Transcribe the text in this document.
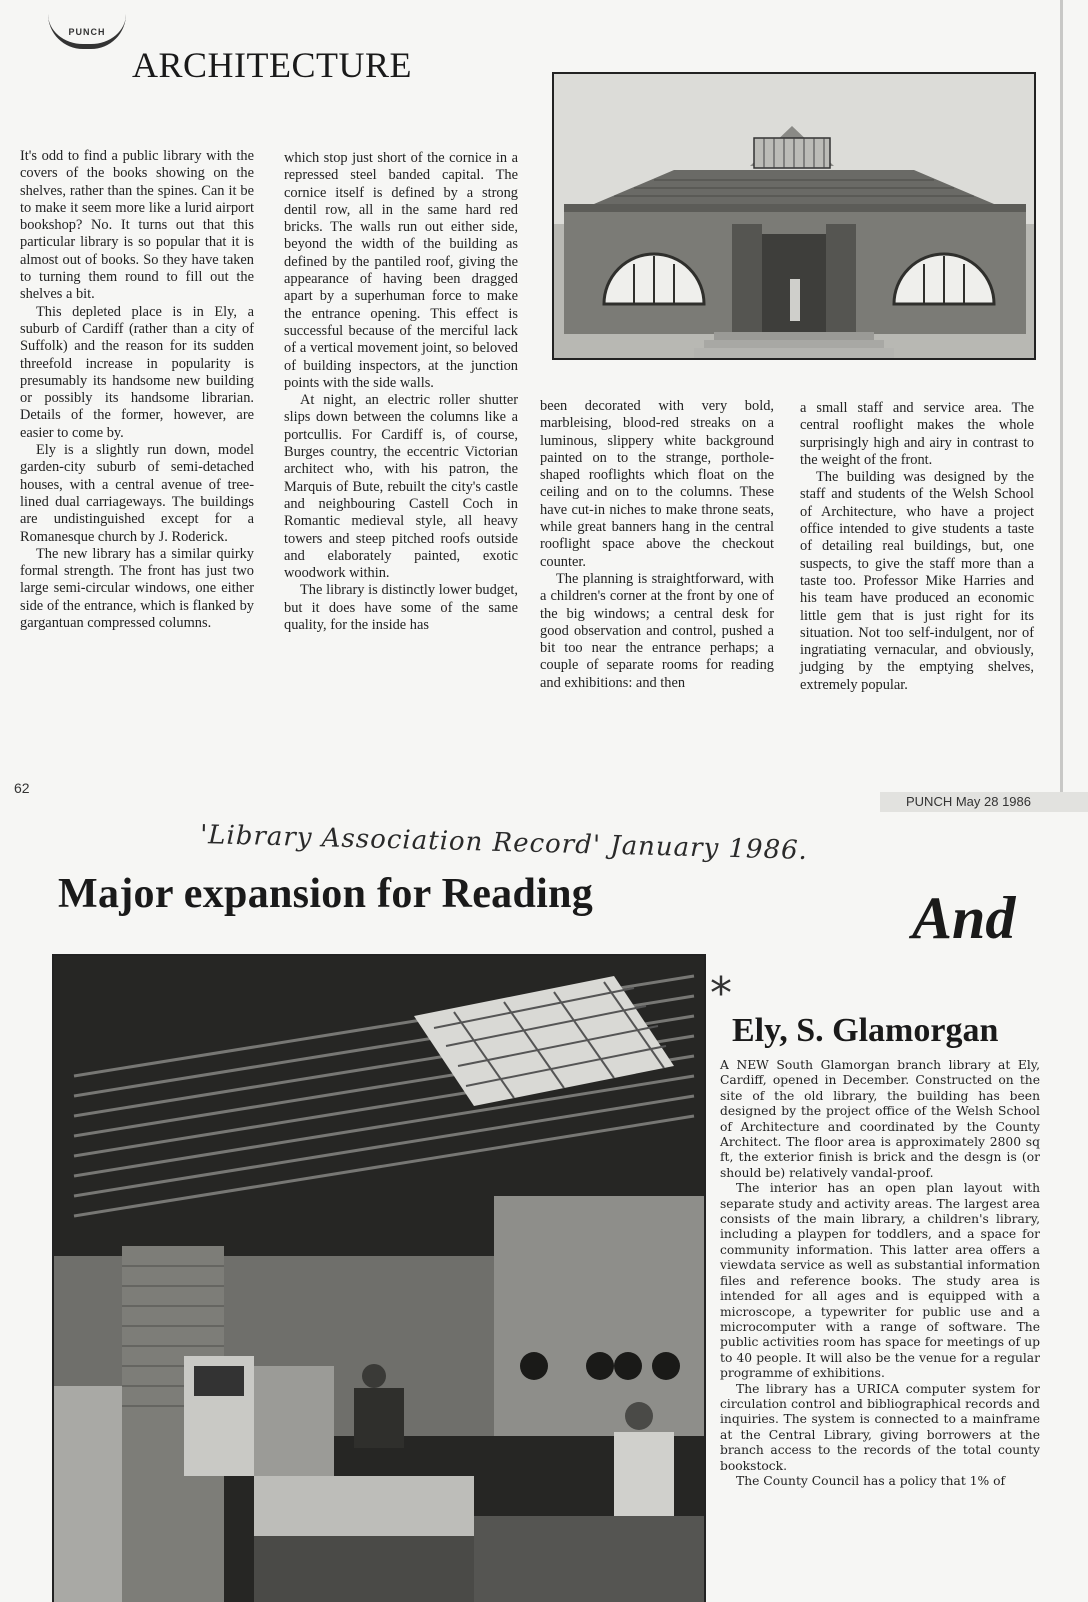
PUNCH
ARCHITECTURE

It's odd to find a public library with the covers of the books showing on the shelves, rather than the spines. Can it be to make it seem more like a lurid airport bookshop? No. It turns out that this particular library is so popular that it is almost out of books. So they have taken to turning them round to fill out the shelves a bit.

This depleted place is in Ely, a suburb of Cardiff (rather than a city of Suffolk) and the reason for its sudden threefold increase in popularity is presumably its handsome new building or possibly its handsome librarian. Details of the former, however, are easier to come by.

Ely is a slightly run down, model garden-city suburb of semi-detached houses, with a central avenue of tree-lined dual carriageways. The buildings are undistinguished except for a Romanesque church by J. Roderick.

The new library has a similar quirky formal strength. The front has just two large semi-circular windows, one either side of the entrance, which is flanked by gargantuan compressed columns.

which stop just short of the cornice in a repressed steel banded capital. The cornice itself is defined by a strong dentil row, all in the same hard red bricks. The walls run out either side, beyond the width of the building as defined by the pantiled roof, giving the appearance of having been dragged apart by a superhuman force to make the entrance opening. This effect is successful because of the merciful lack of a vertical movement joint, so beloved of building inspectors, at the junction points with the side walls.

At night, an electric roller shutter slips down between the columns like a portcullis. For Cardiff is, of course, Burges country, the eccentric Victorian architect who, with his patron, the Marquis of Bute, rebuilt the city's castle and neighbouring Castell Coch in Romantic medieval style, all heavy towers and steep pitched roofs outside and elaborately painted, exotic woodwork within.

The library is distinctly lower budget, but it does have some of the same quality, for the inside has

been decorated with very bold, marbleising, blood-red streaks on a luminous, slippery white background painted on to the strange, porthole-shaped rooflights which float on the ceiling and on to the columns. These have cut-in niches to make throne seats, while great banners hang in the central rooflight space above the checkout counter.

The planning is straightforward, with a children's corner at the front by one of the big windows; a central desk for good observation and control, pushed a bit too near the entrance perhaps; a couple of separate rooms for reading and exhibitions: and then

a small staff and service area. The central rooflight makes the whole surprisingly high and airy in contrast to the weight of the front.

The building was designed by the staff and students of the Welsh School of Architecture, who have a project office intended to give students a taste of detailing real buildings, but, one suspects, to give the staff more than a taste too. Professor Mike Harries and his team have produced an economic little gem that is just right for its situation. Not too self-indulgent, nor of ingratiating vernacular, and obviously, judging by the emptying shelves, extremely popular.

62
PUNCH May 28 1986
'Library Association Record' January 1986.
Major expansion for Reading	And
*
Ely, S. Glamorgan

A NEW South Glamorgan branch library at Ely, Cardiff, opened in December. Constructed on the site of the old library, the building has been designed by the project office of the Welsh School of Architecture and coordinated by the County Architect. The floor area is approximately 2800 sq ft, the exterior finish is brick and the desgn is (or should be) relatively vandal-proof.

The interior has an open plan layout with separate study and activity areas. The largest area consists of the main library, a children's library, including a playpen for toddlers, and a space for community information. This latter area offers a viewdata service as well as substantial information files and reference books. The study area is intended for all ages and is equipped with a microscope, a typewriter for public use and a microcomputer with a range of software. The public activities room has space for meetings of up to 40 people. It will also be the venue for a regular programme of exhibitions.

The library has a URICA computer system for circulation control and bibliographical records and inquiries. The system is connected to a mainframe at the Central Library, giving borrowers at the branch access to the records of the total county bookstock.

The County Council has a policy that 1% of
